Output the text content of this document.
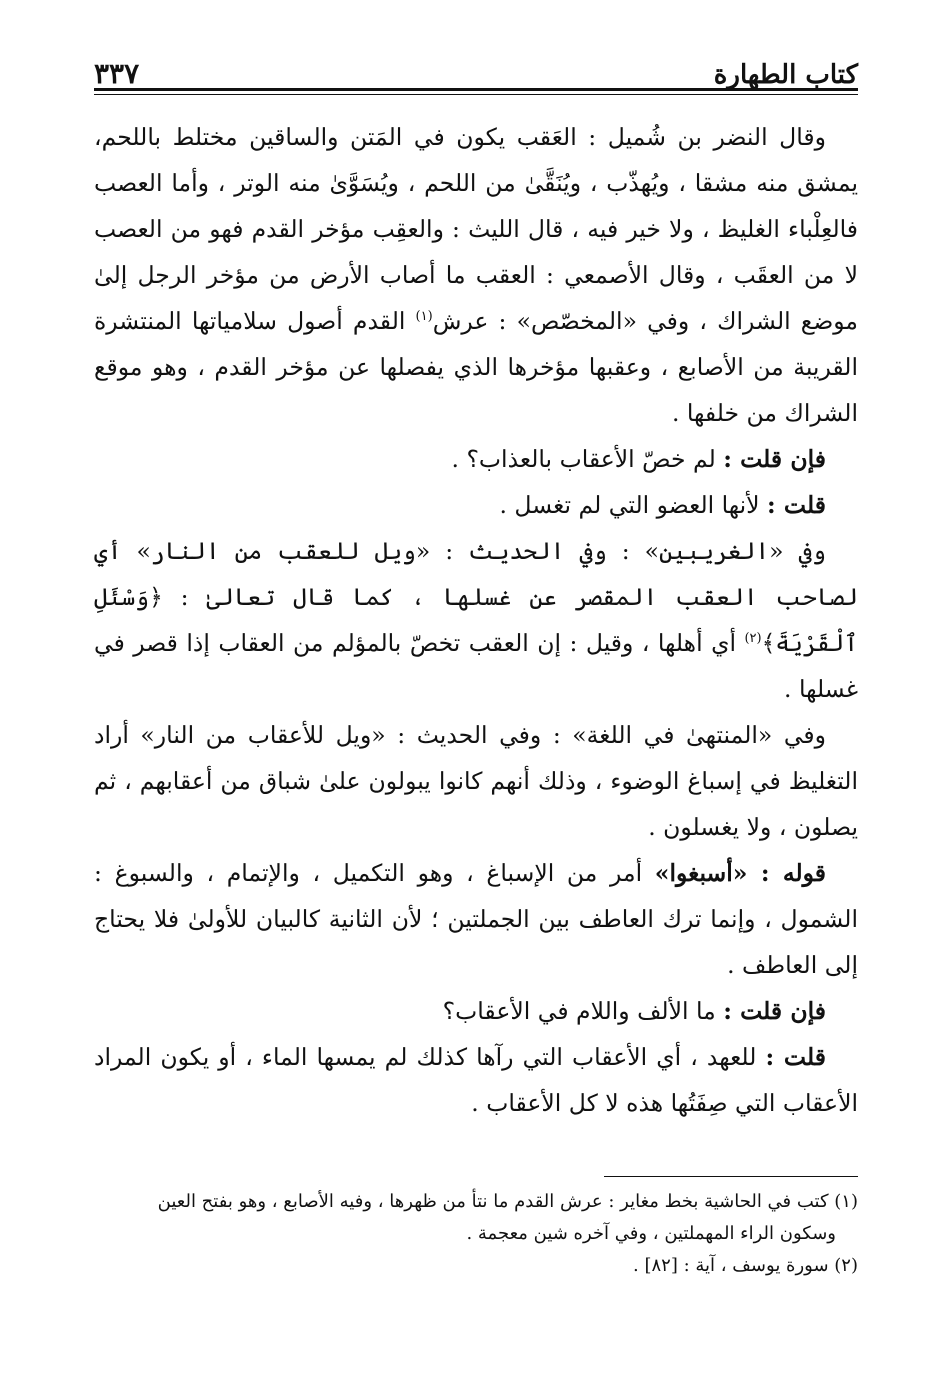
كتاب الطهارة
٣٣٧

وقال النضر بن شُميل : العَقب يكون في المَتن والساقين مختلط باللحم، يمشق منه مشقا ، ويُهذّب ، ويُنَقَّىٰ من اللحم ، ويُسَوَّىٰ منه الوتر ، وأما العصب فالعِلْباء الغليظ ، ولا خير فيه ، قال الليث : والعقِب مؤخر القدم فهو من العصب لا من العقَب ، وقال الأصمعي : العقب ما أصاب الأرض من مؤخر الرجل إلىٰ موضع الشراك ، وفي «المخصّص» : عرش$^{(١)}$ القدم أصول سلامياتها المنتشرة القريبة من الأصابع ، وعقبها مؤخرها الذي يفصلها عن مؤخر القدم ، وهو موقع الشراك من خلفها .

فإن قلت : لم خصّ الأعقاب بالعذاب؟ .

قلت : لأنها العضو التي لم تغسل .

وفي «الغريبين» : وفي الحديث : «ويل للعقب من النار» أي لصاحب العقب المقصر عن غسلها ، كما قال تعالىٰ : ﴿وَسْئَلِ ٱلْقَرْيَةَ﴾$^{(٢)}$ أي أهلها ، وقيل : إن العقب تخصّ بالمؤلم من العقاب إذا قصر في غسلها .

وفي «المنتهىٰ في اللغة» : وفي الحديث : «ويل للأعقاب من النار» أراد التغليظ في إسباغ الوضوء ، وذلك أنهم كانوا يبولون علىٰ شباق من أعقابهم ، ثم يصلون ، ولا يغسلون .

قوله : «أسبغوا» أمر من الإسباغ ، وهو التكميل ، والإتمام ، والسبوغ : الشمول ، وإنما ترك العاطف بين الجملتين ؛ لأن الثانية كالبيان للأولىٰ فلا يحتاج إلى العاطف .

فإن قلت : ما الألف واللام في الأعقاب؟

قلت : للعهد ، أي الأعقاب التي رآها كذلك لم يمسها الماء ، أو يكون المراد الأعقاب التي صِفَتُها هذه لا كل الأعقاب .

(١) كتب في الحاشية بخط مغاير : عرش القدم ما نتأ من ظهرها ، وفيه الأصابع ، وهو بفتح العين

وسكون الراء المهملتين ، وفي آخره شين معجمة .

(٢) سورة يوسف ، آية : [٨٢] .
